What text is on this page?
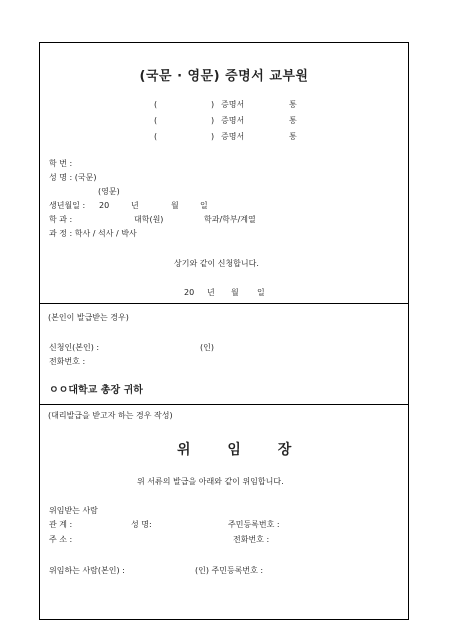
(국문 · 영문) 증명서 교부원
(	) 증명서	통
(	) 증명서	통
(	) 증명서	통
학 번 :
성 명 : (국문)
(영문)
생년월일 : 20	년	월	일
학 과 :	대학(원)	학과/학부/계열
과 정 : 학사 / 석사 / 박사
상기와 같이 신청합니다.
20 년 월 일
(본인이 발급받는 경우)
신청인(본인) :	(인)
전화번호 :
ㅇㅇ대학교 총장 귀하
(대리발급을 받고자 하는 경우 작성)
위 임 장
위 서류의 발급을 아래와 같이 위임합니다.
위임받는 사람
관 계 :	성 명:	주민등록번호 :
주 소 :	전화번호 :
위임하는 사람(본인) :	(인) 주민등록번호 :
